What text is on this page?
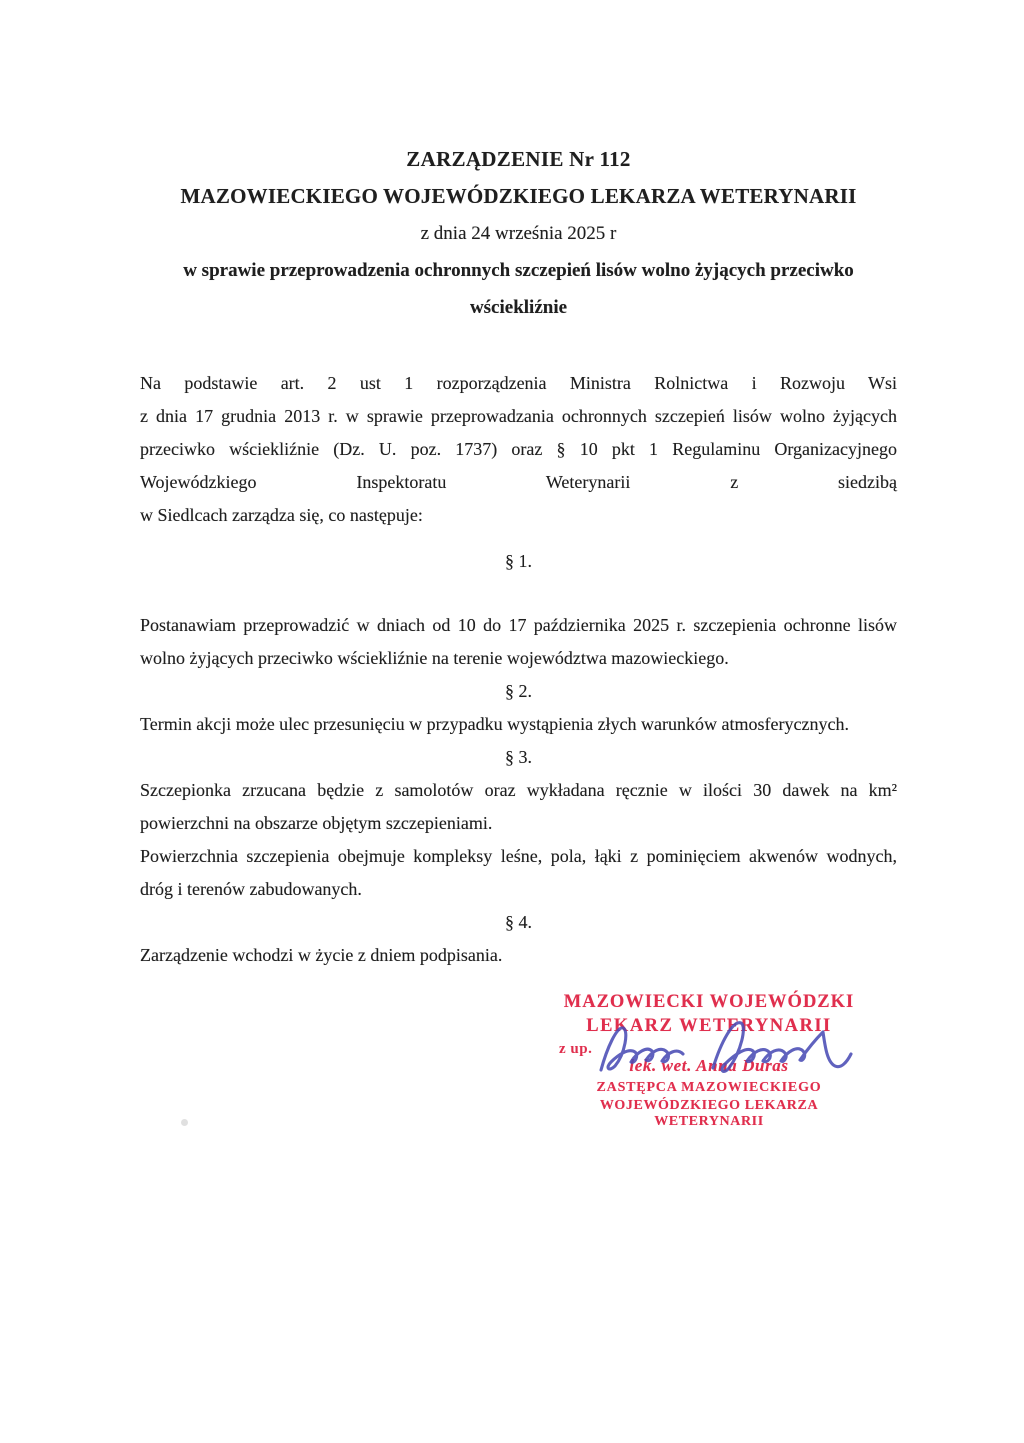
ZARZĄDZENIE Nr 112
MAZOWIECKIEGO WOJEWÓDZKIEGO LEKARZA WETERYNARII
z dnia 24 września 2025 r
w sprawie przeprowadzenia ochronnych szczepień lisów wolno żyjących przeciwko
wściekliźnie
Na podstawie art. 2 ust 1 rozporządzenia Ministra Rolnictwa i Rozwoju Wsi
z dnia 17 grudnia 2013 r. w sprawie przeprowadzania ochronnych szczepień lisów wolno żyjących
przeciwko wściekliźnie (Dz. U. poz. 1737) oraz § 10 pkt 1 Regulaminu Organizacyjnego
Wojewódzkiego Inspektoratu Weterynarii z siedzibą
w Siedlcach zarządza się, co następuje:
§ 1.
Postanawiam przeprowadzić w dniach od 10 do 17 października 2025 r. szczepienia ochronne lisów
wolno żyjących przeciwko wściekliźnie na terenie województwa mazowieckiego.
§ 2.
Termin akcji może ulec przesunięciu w przypadku wystąpienia złych warunków atmosferycznych.
§ 3.
Szczepionka zrzucana będzie z samolotów oraz wykładana ręcznie w ilości 30 dawek na km²
powierzchni na obszarze objętym szczepieniami.
Powierzchnia szczepienia obejmuje kompleksy leśne, pola, łąki z pominięciem akwenów wodnych,
dróg i terenów zabudowanych.
§ 4.
Zarządzenie wchodzi w życie z dniem podpisania.
MAZOWIECKI WOJEWÓDZKI
LEKARZ WETERYNARII
z up.
lek. wet. Anna Duras
ZASTĘPCA MAZOWIECKIEGO
WOJEWÓDZKIEGO LEKARZA WETERYNARII
